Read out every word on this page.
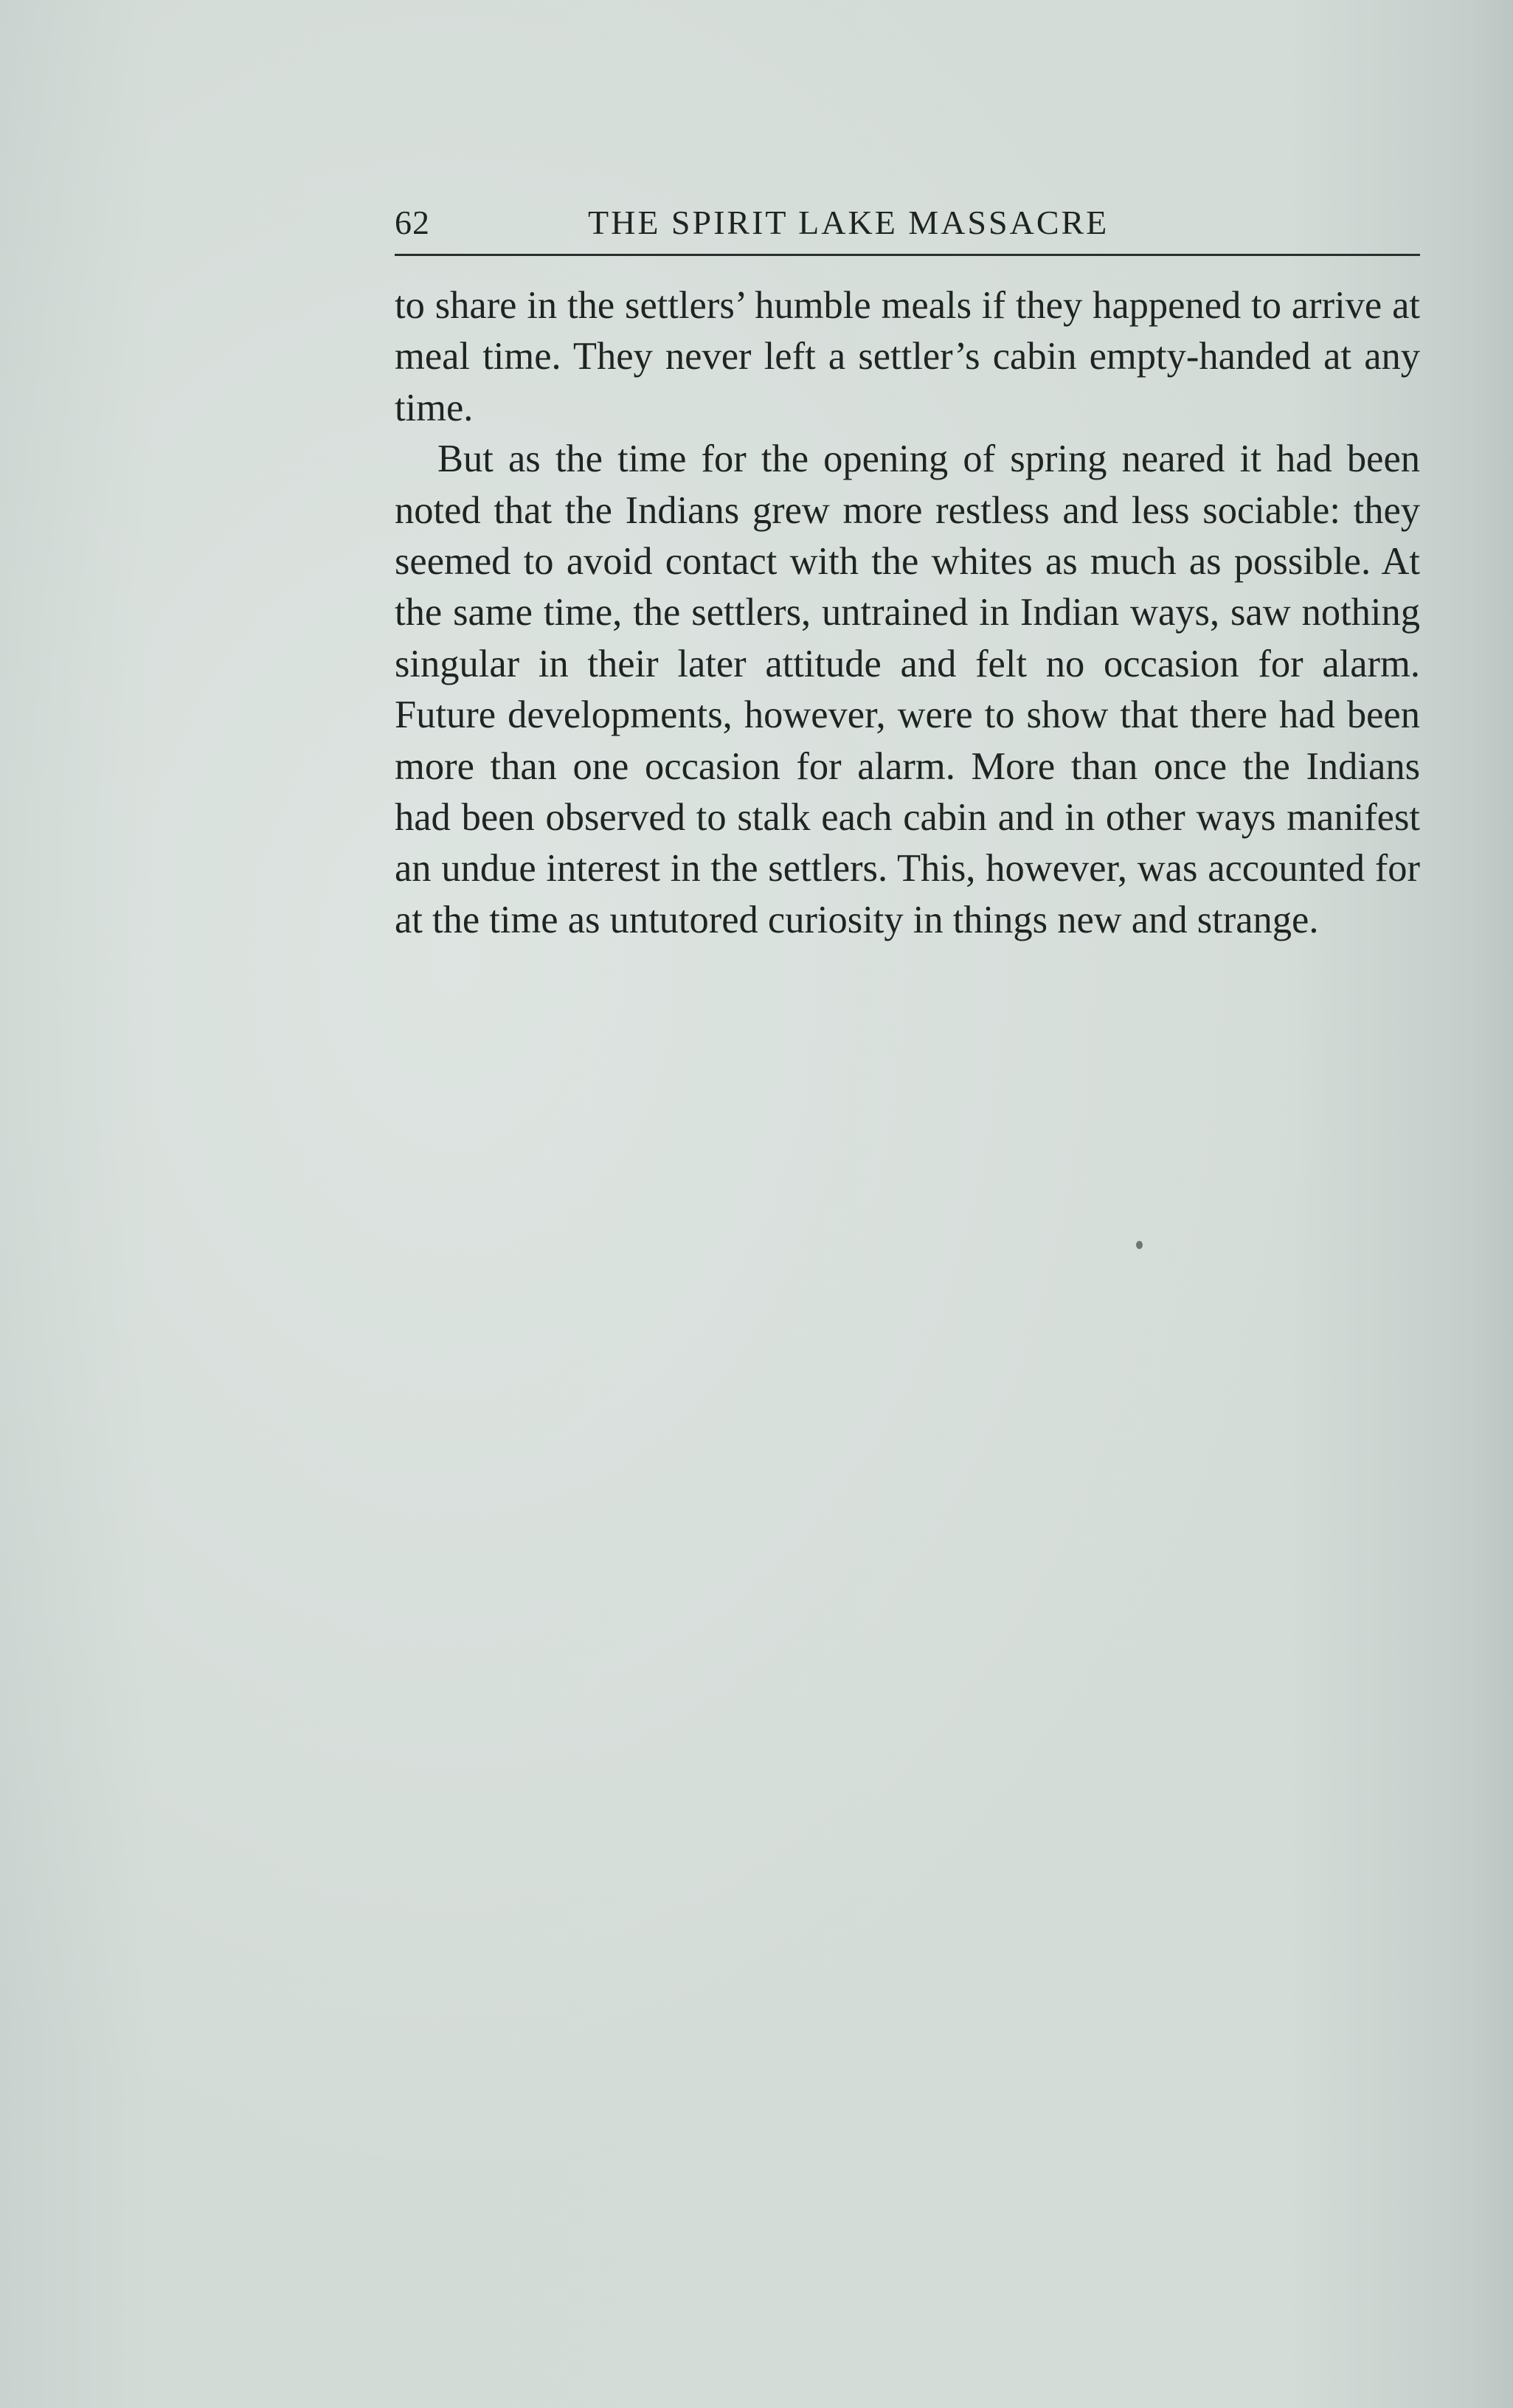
62	THE SPIRIT LAKE MASSACRE

to share in the settlers’ humble meals if they happened to arrive at meal time. They never left a settler’s cabin empty-handed at any time.

But as the time for the opening of spring neared it had been noted that the Indians grew more restless and less sociable: they seemed to avoid contact with the whites as much as possible. At the same time, the settlers, untrained in Indian ways, saw nothing singular in their later attitude and felt no occasion for alarm. Future developments, however, were to show that there had been more than one occasion for alarm. More than once the Indians had been observed to stalk each cabin and in other ways manifest an undue interest in the settlers. This, however, was accounted for at the time as untutored curiosity in things new and strange.
